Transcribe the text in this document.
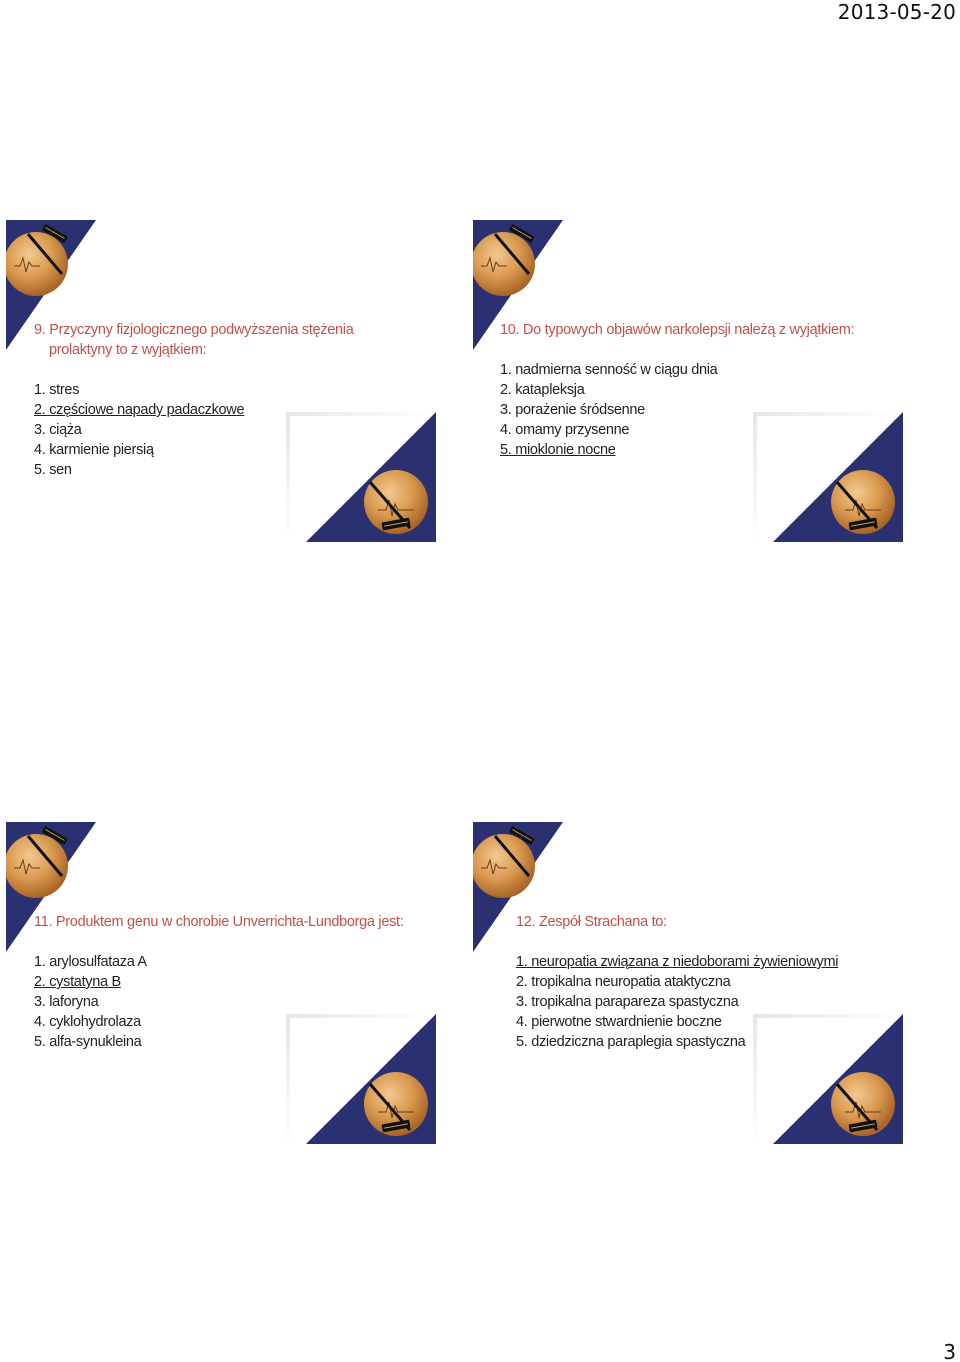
2013-05-20
9. Przyczyny fizjologicznego podwyższenia stężenia prolaktyny to z wyjątkiem:
1. stres
2. częściowe napady padaczkowe
3. ciąża
4. karmienie piersią
5. sen
10. Do typowych objawów narkolepsji należą z wyjątkiem:
1. nadmierna senność w ciągu dnia
2. katapleksja
3. porażenie śródsenne
4. omamy przysenne
5. mioklonie nocne
11. Produktem genu w chorobie Unverrichta-Lundborga jest:
1. arylosulfataza A
2. cystatyna B
3. laforyna
4. cyklohydrolaza
5. alfa-synukleina
12. Zespół Strachana to:
1. neuropatia związana z niedoborami żywieniowymi
2. tropikalna neuropatia ataktyczna
3. tropikalna parapareza spastyczna
4. pierwotne stwardnienie boczne
5. dziedziczna paraplegia spastyczna
3
